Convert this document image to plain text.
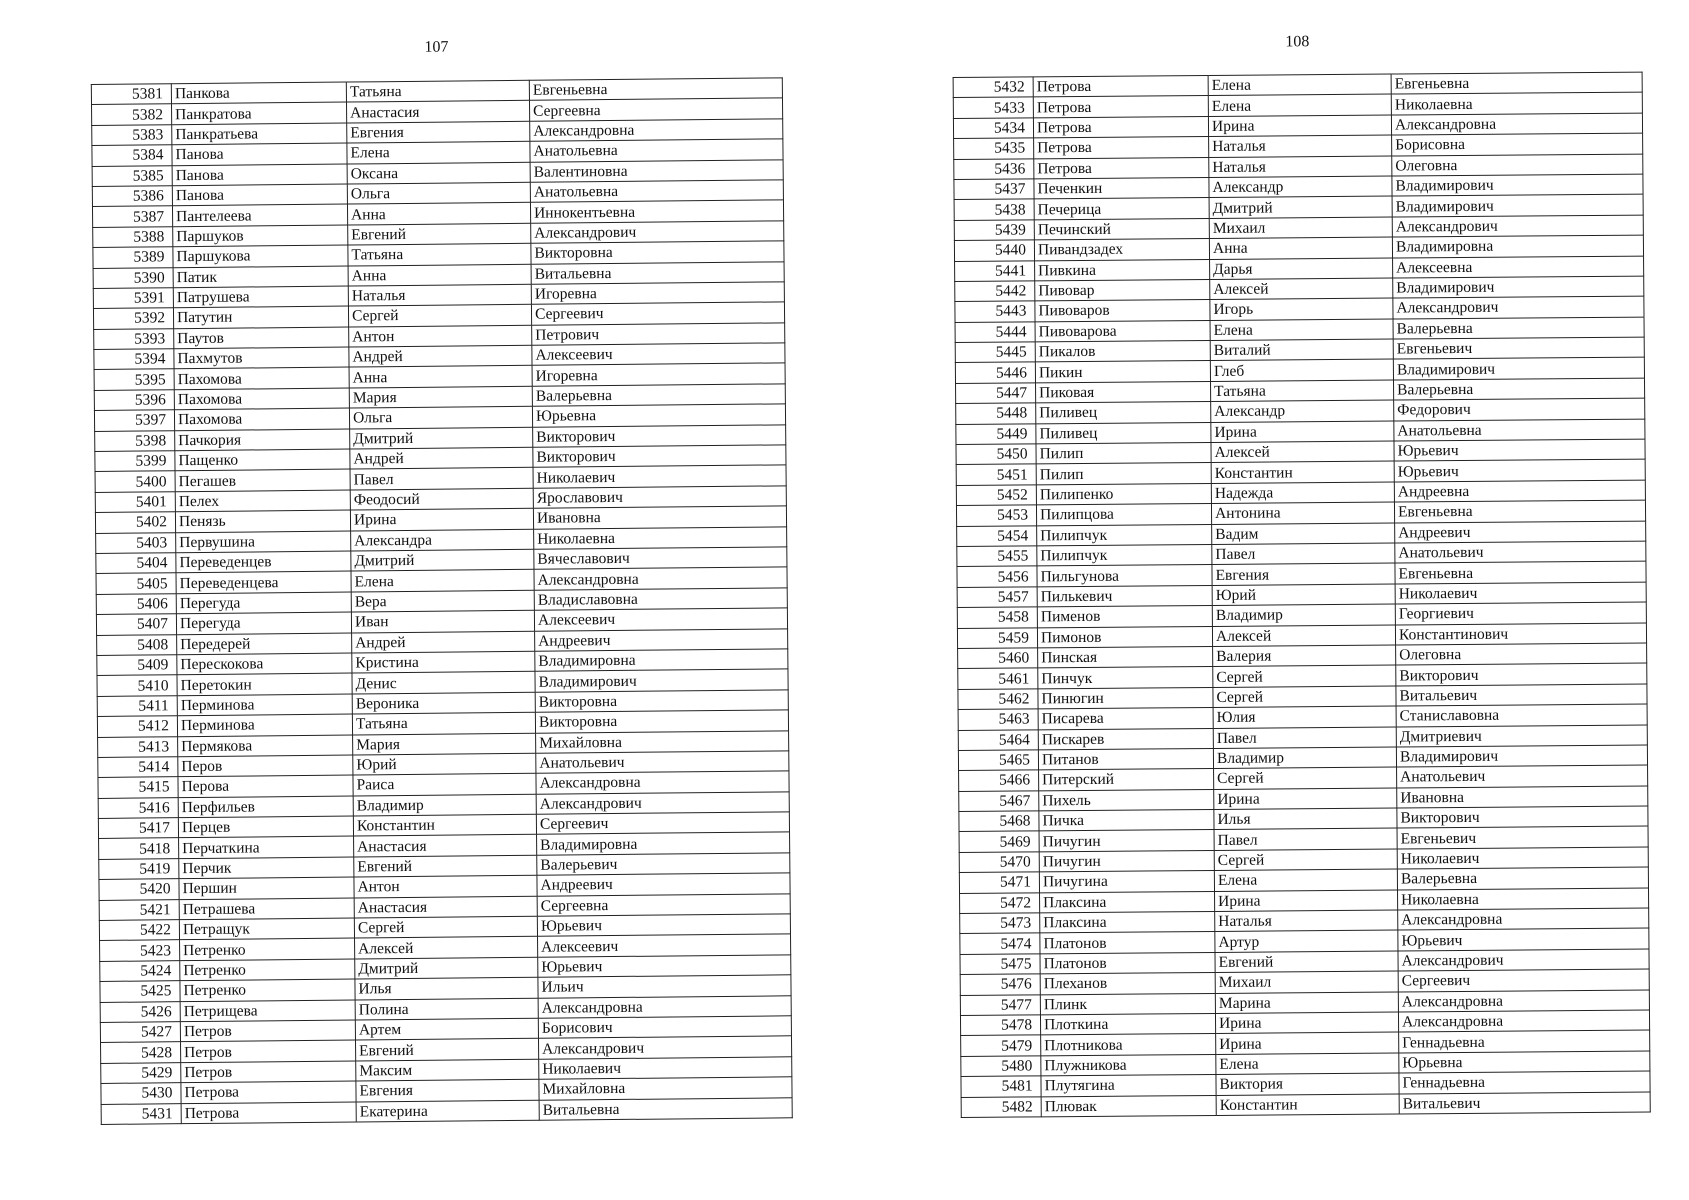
107
5381	Панкова	Татьяна	Евгеньевна
5382	Панкратова	Анастасия	Сергеевна
5383	Панкратьева	Евгения	Александровна
5384	Панова	Елена	Анатольевна
5385	Панова	Оксана	Валентиновна
5386	Панова	Ольга	Анатольевна
5387	Пантелеева	Анна	Иннокентьевна
5388	Паршуков	Евгений	Александрович
5389	Паршукова	Татьяна	Викторовна
5390	Патик	Анна	Витальевна
5391	Патрушева	Наталья	Игоревна
5392	Патутин	Сергей	Сергеевич
5393	Паутов	Антон	Петрович
5394	Пахмутов	Андрей	Алексеевич
5395	Пахомова	Анна	Игоревна
5396	Пахомова	Мария	Валерьевна
5397	Пахомова	Ольга	Юрьевна
5398	Пачкория	Дмитрий	Викторович
5399	Пащенко	Андрей	Викторович
5400	Пегашев	Павел	Николаевич
5401	Пелех	Феодосий	Ярославович
5402	Пенязь	Ирина	Ивановна
5403	Первушина	Александра	Николаевна
5404	Переведенцев	Дмитрий	Вячеславович
5405	Переведенцева	Елена	Александровна
5406	Перегуда	Вера	Владиславовна
5407	Перегуда	Иван	Алексеевич
5408	Передерей	Андрей	Андреевич
5409	Перескокова	Кристина	Владимировна
5410	Перетокин	Денис	Владимирович
5411	Перминова	Вероника	Викторовна
5412	Перминова	Татьяна	Викторовна
5413	Пермякова	Мария	Михайловна
5414	Перов	Юрий	Анатольевич
5415	Перова	Раиса	Александровна
5416	Перфильев	Владимир	Александрович
5417	Перцев	Константин	Сергеевич
5418	Перчаткина	Анастасия	Владимировна
5419	Перчик	Евгений	Валерьевич
5420	Першин	Антон	Андреевич
5421	Петрашева	Анастасия	Сергеевна
5422	Петращук	Сергей	Юрьевич
5423	Петренко	Алексей	Алексеевич
5424	Петренко	Дмитрий	Юрьевич
5425	Петренко	Илья	Ильич
5426	Петрищева	Полина	Александровна
5427	Петров	Артем	Борисович
5428	Петров	Евгений	Александрович
5429	Петров	Максим	Николаевич
5430	Петрова	Евгения	Михайловна
5431	Петрова	Екатерина	Витальевна
108
5432	Петрова	Елена	Евгеньевна
5433	Петрова	Елена	Николаевна
5434	Петрова	Ирина	Александровна
5435	Петрова	Наталья	Борисовна
5436	Петрова	Наталья	Олеговна
5437	Печенкин	Александр	Владимирович
5438	Печерица	Дмитрий	Владимирович
5439	Печинский	Михаил	Александрович
5440	Пивандзадех	Анна	Владимировна
5441	Пивкина	Дарья	Алексеевна
5442	Пивовар	Алексей	Владимирович
5443	Пивоваров	Игорь	Александрович
5444	Пивоварова	Елена	Валерьевна
5445	Пикалов	Виталий	Евгеньевич
5446	Пикин	Глеб	Владимирович
5447	Пиковая	Татьяна	Валерьевна
5448	Пиливец	Александр	Федорович
5449	Пиливец	Ирина	Анатольевна
5450	Пилип	Алексей	Юрьевич
5451	Пилип	Константин	Юрьевич
5452	Пилипенко	Надежда	Андреевна
5453	Пилипцова	Антонина	Евгеньевна
5454	Пилипчук	Вадим	Андреевич
5455	Пилипчук	Павел	Анатольевич
5456	Пильгунова	Евгения	Евгеньевна
5457	Пилькевич	Юрий	Николаевич
5458	Пименов	Владимир	Георгиевич
5459	Пимонов	Алексей	Константинович
5460	Пинская	Валерия	Олеговна
5461	Пинчук	Сергей	Викторович
5462	Пинюгин	Сергей	Витальевич
5463	Писарева	Юлия	Станиславовна
5464	Пискарев	Павел	Дмитриевич
5465	Питанов	Владимир	Владимирович
5466	Питерский	Сергей	Анатольевич
5467	Пихель	Ирина	Ивановна
5468	Пичка	Илья	Викторович
5469	Пичугин	Павел	Евгеньевич
5470	Пичугин	Сергей	Николаевич
5471	Пичугина	Елена	Валерьевна
5472	Плаксина	Ирина	Николаевна
5473	Плаксина	Наталья	Александровна
5474	Платонов	Артур	Юрьевич
5475	Платонов	Евгений	Александрович
5476	Плеханов	Михаил	Сергеевич
5477	Плинк	Марина	Александровна
5478	Плоткина	Ирина	Александровна
5479	Плотникова	Ирина	Геннадьевна
5480	Плужникова	Елена	Юрьевна
5481	Плутягина	Виктория	Геннадьевна
5482	Плювак	Константин	Витальевич
